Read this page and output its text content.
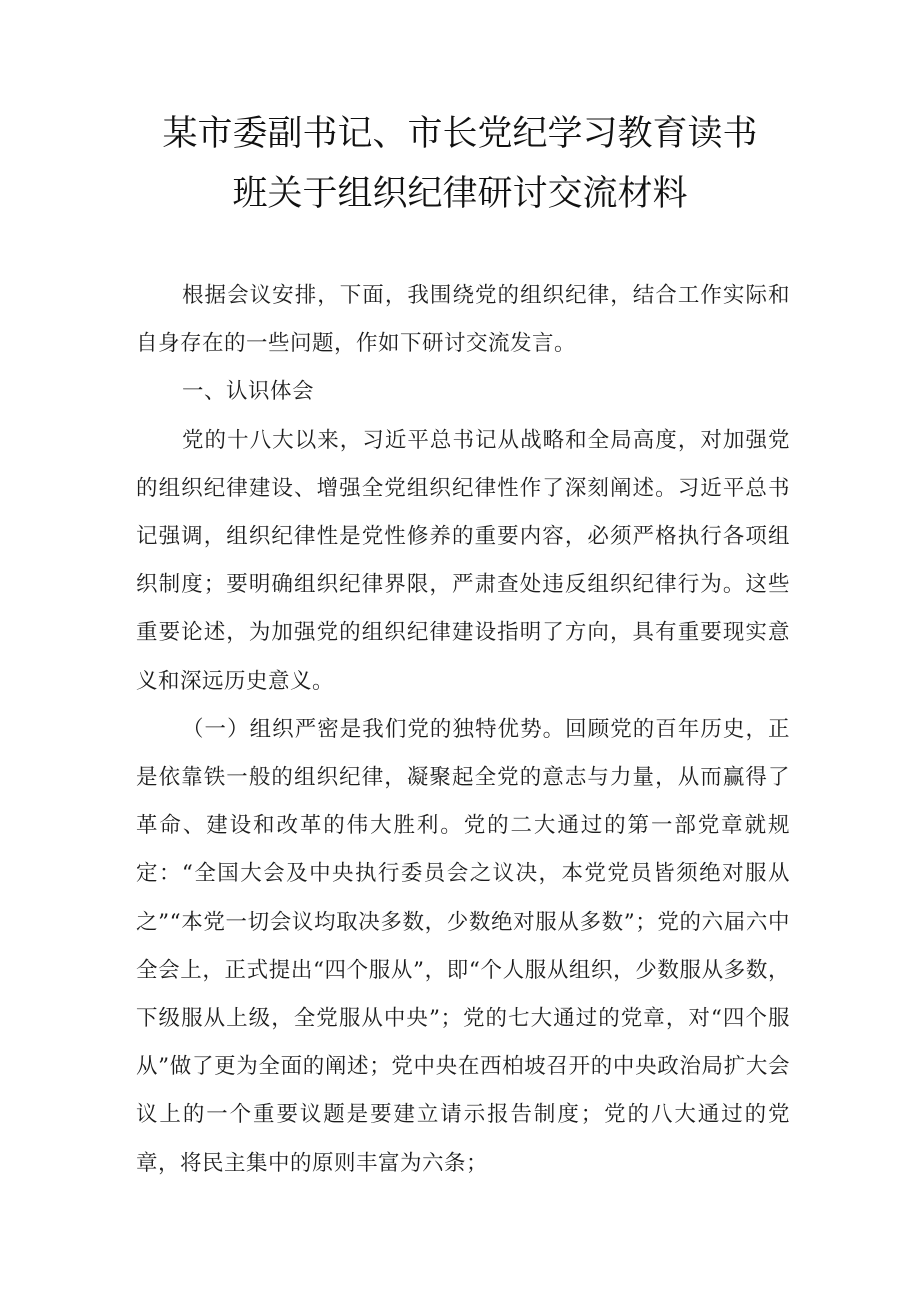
某市委副书记、市长党纪学习教育读书
班关于组织纪律研讨交流材料

根据会议安排，下面，我围绕党的组织纪律，结合工作实际和自身存在的一些问题，作如下研讨交流发言。

一、认识体会

党的十八大以来，习近平总书记从战略和全局高度，对加强党的组织纪律建设、增强全党组织纪律性作了深刻阐述。习近平总书记强调，组织纪律性是党性修养的重要内容，必须严格执行各项组织制度；要明确组织纪律界限，严肃查处违反组织纪律行为。这些重要论述，为加强党的组织纪律建设指明了方向，具有重要现实意义和深远历史意义。

（一）组织严密是我们党的独特优势。回顾党的百年历史，正是依靠铁一般的组织纪律，凝聚起全党的意志与力量，从而赢得了革命、建设和改革的伟大胜利。党的二大通过的第一部党章就规定：“全国大会及中央执行委员会之议决，本党党员皆须绝对服从之”“本党一切会议均取决多数，少数绝对服从多数”；党的六届六中全会上，正式提出“四个服从”，即“个人服从组织，少数服从多数，下级服从上级，全党服从中央”；党的七大通过的党章，对“四个服从”做了更为全面的阐述；党中央在西柏坡召开的中央政治局扩大会议上的一个重要议题是要建立请示报告制度；党的八大通过的党章，将民主集中的原则丰富为六条；
